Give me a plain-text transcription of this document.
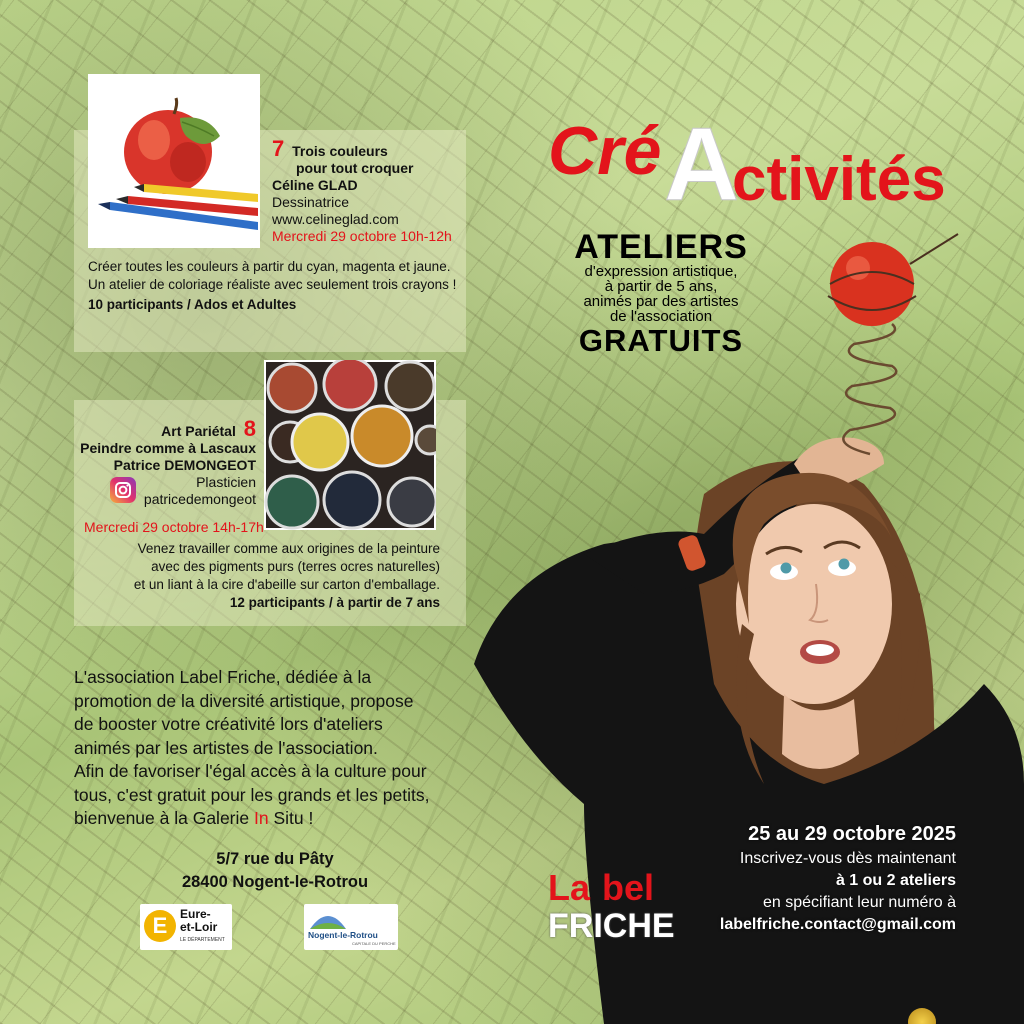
7 Trois couleurs
pour tout croquer
Céline GLAD
Dessinatrice
www.celineglad.com
Mercredi 29 octobre 10h-12h
Créer toutes les couleurs à partir du cyan, magenta et jaune. Un atelier de coloriage réaliste avec seulement trois crayons !
10 participants / Ados et Adultes
Art Pariétal 8
Peindre comme à Lascaux
Patrice DEMONGEOT
Plasticien
patricedemongeot
Mercredi 29 octobre 14h-17h
Venez travailler comme aux origines de la peinture
avec des pigments purs (terres ocres naturelles)
et un liant à la cire d'abeille sur carton d'emballage.
12 participants / à partir de 7 ans
L'association Label Friche, dédiée à la
promotion de la diversité artistique, propose
de booster votre créativité lors d'ateliers
animés par les artistes de l'association.
Afin de favoriser l'égal accès à la culture pour
tous, c'est gratuit pour les grands et les petits,
bienvenue à la Galerie In Situ !
5/7 rue du Pâty
28400 Nogent-le-Rotrou
E	Eure-
et-Loir
LE DÉPARTEMENT	Nogent-le-Rotrou
CAPITALE DU PERCHE
Cré A
ctivités
ATELIERS
d'expression artistique,
à partir de 5 ans,
animés par des artistes
de l'association
GRATUITS
La bel
FRICHE
25 au 29 octobre 2025
Inscrivez-vous dès maintenant
à 1 ou 2 ateliers
en spécifiant leur numéro à
labelfriche.contact@gmail.com
